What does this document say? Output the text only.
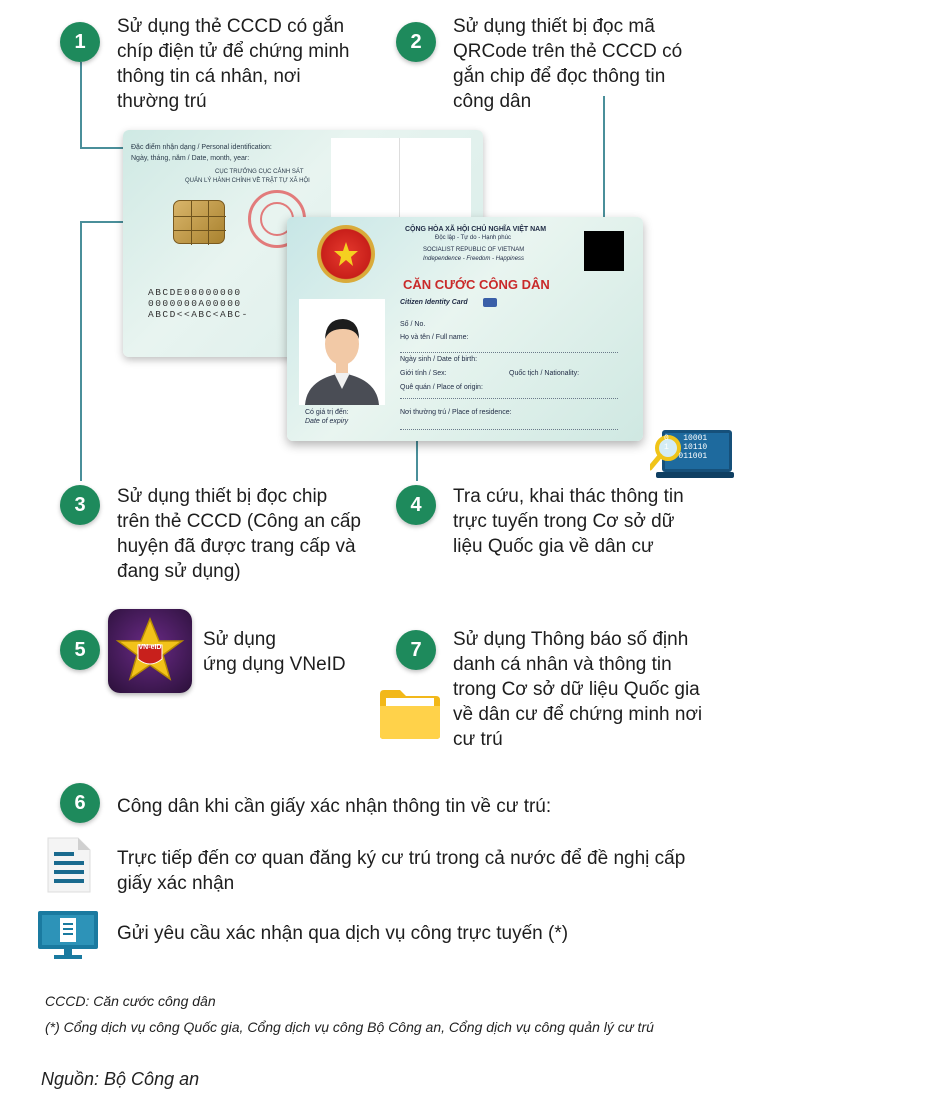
1
Sử dụng thẻ CCCD có gắn
chíp điện tử để chứng minh
thông tin cá nhân, nơi
thường trú
2
Sử dụng thiết bị đọc mã
QRCode trên thẻ CCCD có
gắn chip để đọc thông tin
công dân
Đặc điểm nhận dạng / Personal identification:
Ngày, tháng, năm / Date, month, year:
CỤC TRƯỞNG CỤC CẢNH SÁT
QUẢN LÝ HÀNH CHÍNH VỀ TRẬT TỰ XÃ HỘI
ABCDE00000000
0000000A00000
ABCD<<ABC<ABC-
CỘNG HÒA XÃ HỘI CHỦ NGHĨA VIỆT NAM
Độc lập - Tự do - Hạnh phúc
SOCIALIST REPUBLIC OF VIETNAM
Independence - Freedom - Happiness
CĂN CƯỚC CÔNG DÂN
Citizen Identity Card
Số / No.
Họ và tên / Full name:
Ngày sinh / Date of birth:
Giới tính / Sex:	Quốc tịch / Nationality:
Quê quán / Place of origin:
Có giá trị đến:
Date of expiry
Nơi thường trú / Place of residence:
0 10001
1 10110
011001
3	Sử dụng thiết bị đọc chip
trên thẻ CCCD (Công an cấp
huyện đã được trang cấp và
đang sử dụng)
4	Tra cứu, khai thác thông tin
trực tuyến trong Cơ sở dữ
liệu Quốc gia về dân cư
5	VN-eID	Sử dụng
ứng dụng VNeID
7	Sử dụng Thông báo số định
danh cá nhân và thông tin
trong Cơ sở dữ liệu Quốc gia
về dân cư để chứng minh nơi
cư trú
6	Công dân khi cần giấy xác nhận thông tin về cư trú:
Trực tiếp đến cơ quan đăng ký cư trú trong cả nước để đề nghị cấp
giấy xác nhận
Gửi yêu cầu xác nhận qua dịch vụ công trực tuyến (*)
CCCD: Căn cước công dân
(*) Cổng dịch vụ công Quốc gia, Cổng dịch vụ công Bộ Công an, Cổng dịch vụ công quản lý cư trú
Nguồn: Bộ Công an
